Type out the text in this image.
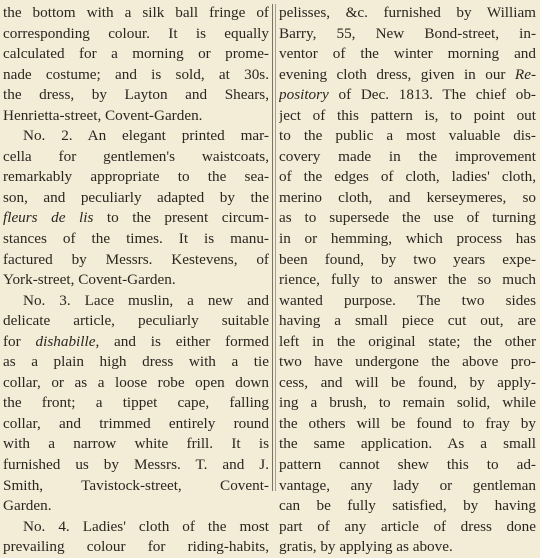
the bottom with a silk ball fringe of
corresponding colour. It is equally
calculated for a morning or prome-
nade costume; and is sold, at 30s.
the dress, by Layton and Shears,
Henrietta-street, Covent-Garden.
No. 2. An elegant printed mar-
cella for gentlemen's waistcoats,
remarkably appropriate to the sea-
son, and peculiarly adapted by the
fleurs de lis to the present circum-
stances of the times. It is manu-
factured by Messrs. Kestevens, of
York-street, Covent-Garden.
No. 3. Lace muslin, a new and
delicate article, peculiarly suitable
for dishabille, and is either formed
as a plain high dress with a tie
collar, or as a loose robe open down
the front; a tippet cape, falling
collar, and trimmed entirely round
with a narrow white frill. It is
furnished us by Messrs. T. and J.
Smith, Tavistock-street, Covent-
Garden.
No. 4. Ladies' cloth of the most
prevailing colour for riding-habits,
pelisses, &c. furnished by William
Barry, 55, New Bond-street, in-
ventor of the winter morning and
evening cloth dress, given in our Re-
pository of Dec. 1813. The chief ob-
ject of this pattern is, to point out
to the public a most valuable dis-
covery made in the improvement
of the edges of cloth, ladies' cloth,
merino cloth, and kerseymeres, so
as to supersede the use of turning
in or hemming, which process has
been found, by two years expe-
rience, fully to answer the so much
wanted purpose. The two sides
having a small piece cut out, are
left in the original state; the other
two have undergone the above pro-
cess, and will be found, by apply-
ing a brush, to remain solid, while
the others will be found to fray by
the same application. As a small
pattern cannot shew this to ad-
vantage, any lady or gentleman
can be fully satisfied, by having
part of any article of dress done
gratis, by applying as above.
